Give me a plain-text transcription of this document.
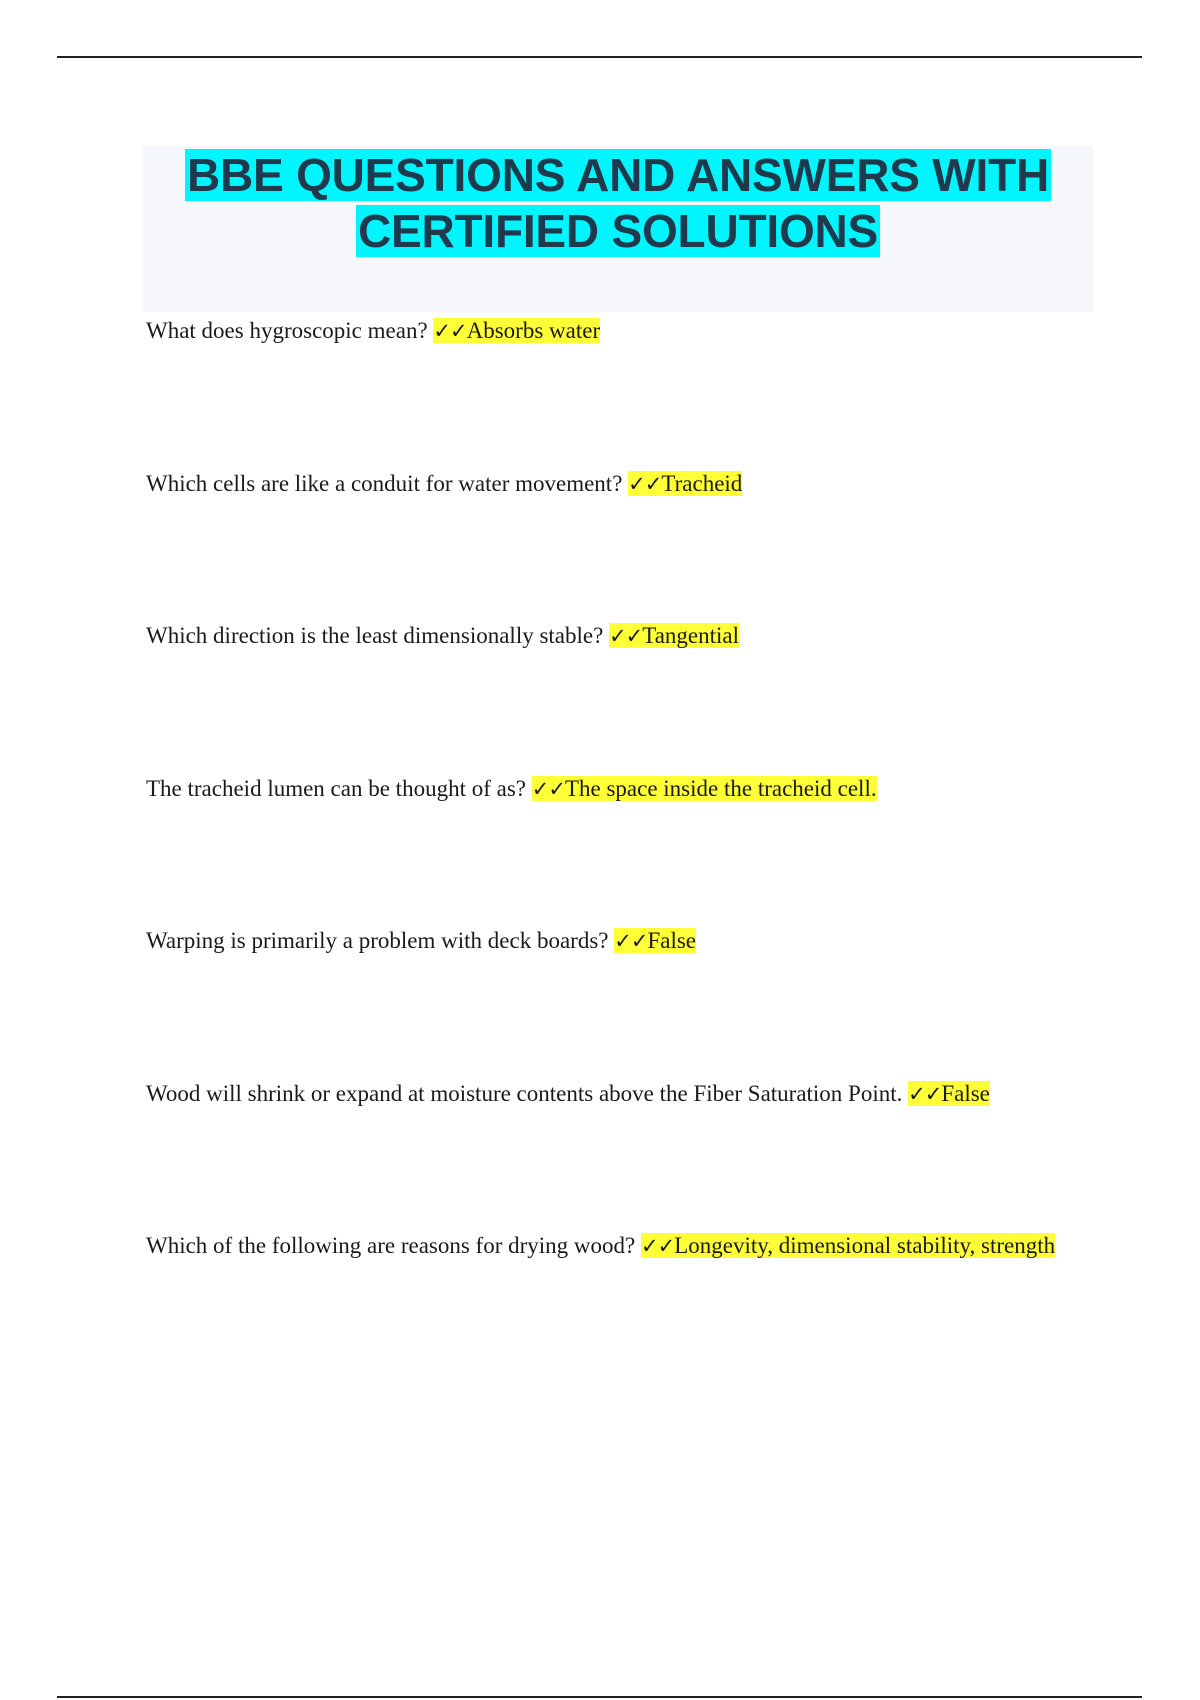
BBE QUESTIONS AND ANSWERS WITH
CERTIFIED SOLUTIONS

What does hygroscopic mean? ✓✓Absorbs water

Which cells are like a conduit for water movement? ✓✓Tracheid

Which direction is the least dimensionally stable? ✓✓Tangential

The tracheid lumen can be thought of as? ✓✓The space inside the tracheid cell.

Warping is primarily a problem with deck boards? ✓✓False

Wood will shrink or expand at moisture contents above the Fiber Saturation Point. ✓✓False

Which of the following are reasons for drying wood? ✓✓Longevity, dimensional stability, strength
